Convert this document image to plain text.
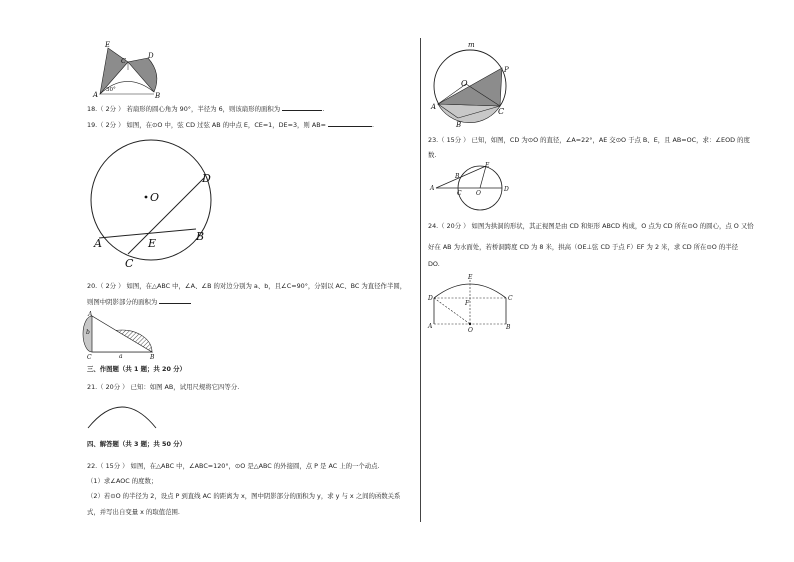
E
D
C
A	B
30°
18.（ 2分 ） 若扇形的圆心角为 90°，半径为 6，则该扇形的面积为	.
19.（ 2分 ） 如图，在⊙O 中，弦 CD 过弦 AB 的中点 E，CE=1，DE=3，则 AB=	.
O
D
A	E
B
C
20.（ 2分 ） 如图，在△ABC 中，∠A、∠B 的对边分别为 a、b，且∠C=90°，分别以 AC、BC 为直径作半圆，
则图中阴影部分的面积为
A
b
C	a	B
三、作图题（共 1 题；共 20 分）
21.（ 20分 ） 已知：如图 AB，试用尺规将它四等分.
四、解答题（共 3 题；共 50 分）
22.（ 15分 ） 如图，在△ABC 中，∠ABC=120°，⊙O 是△ABC 的外接圆，点 P 是 AC 上的一个动点.
（1）求∠AOC 的度数；
（2）若⊙O 的半径为 2，设点 P 到直线 AC 的距离为 x，图中阴影部分的面积为 y，求 y 与 x 之间的函数关系
式，并写出自变量 x 的取值范围.
m
P
O
A	C
B
23.（ 15分 ） 已知，如图，CD 为⊙O 的直径，∠A=22°，AE 交⊙O 于点 B、E，且 AB=OC，求：∠EOD 的度
数.
E
B
A
O
C
D
24.（ 20分 ） 如图为拱洞的形状，其正视图是由 CD 和矩形 ABCD 构成，O 点为 CD 所在⊙O 的圆心，点 O 又恰
好在 AB 为水面处，若桥洞跨度 CD 为 8 米，拱高（OE⊥弦 CD 于点 F）EF 为 2 米，求 CD 所在⊙O 的半径
DO.
E
D	C
F
A
O	B
